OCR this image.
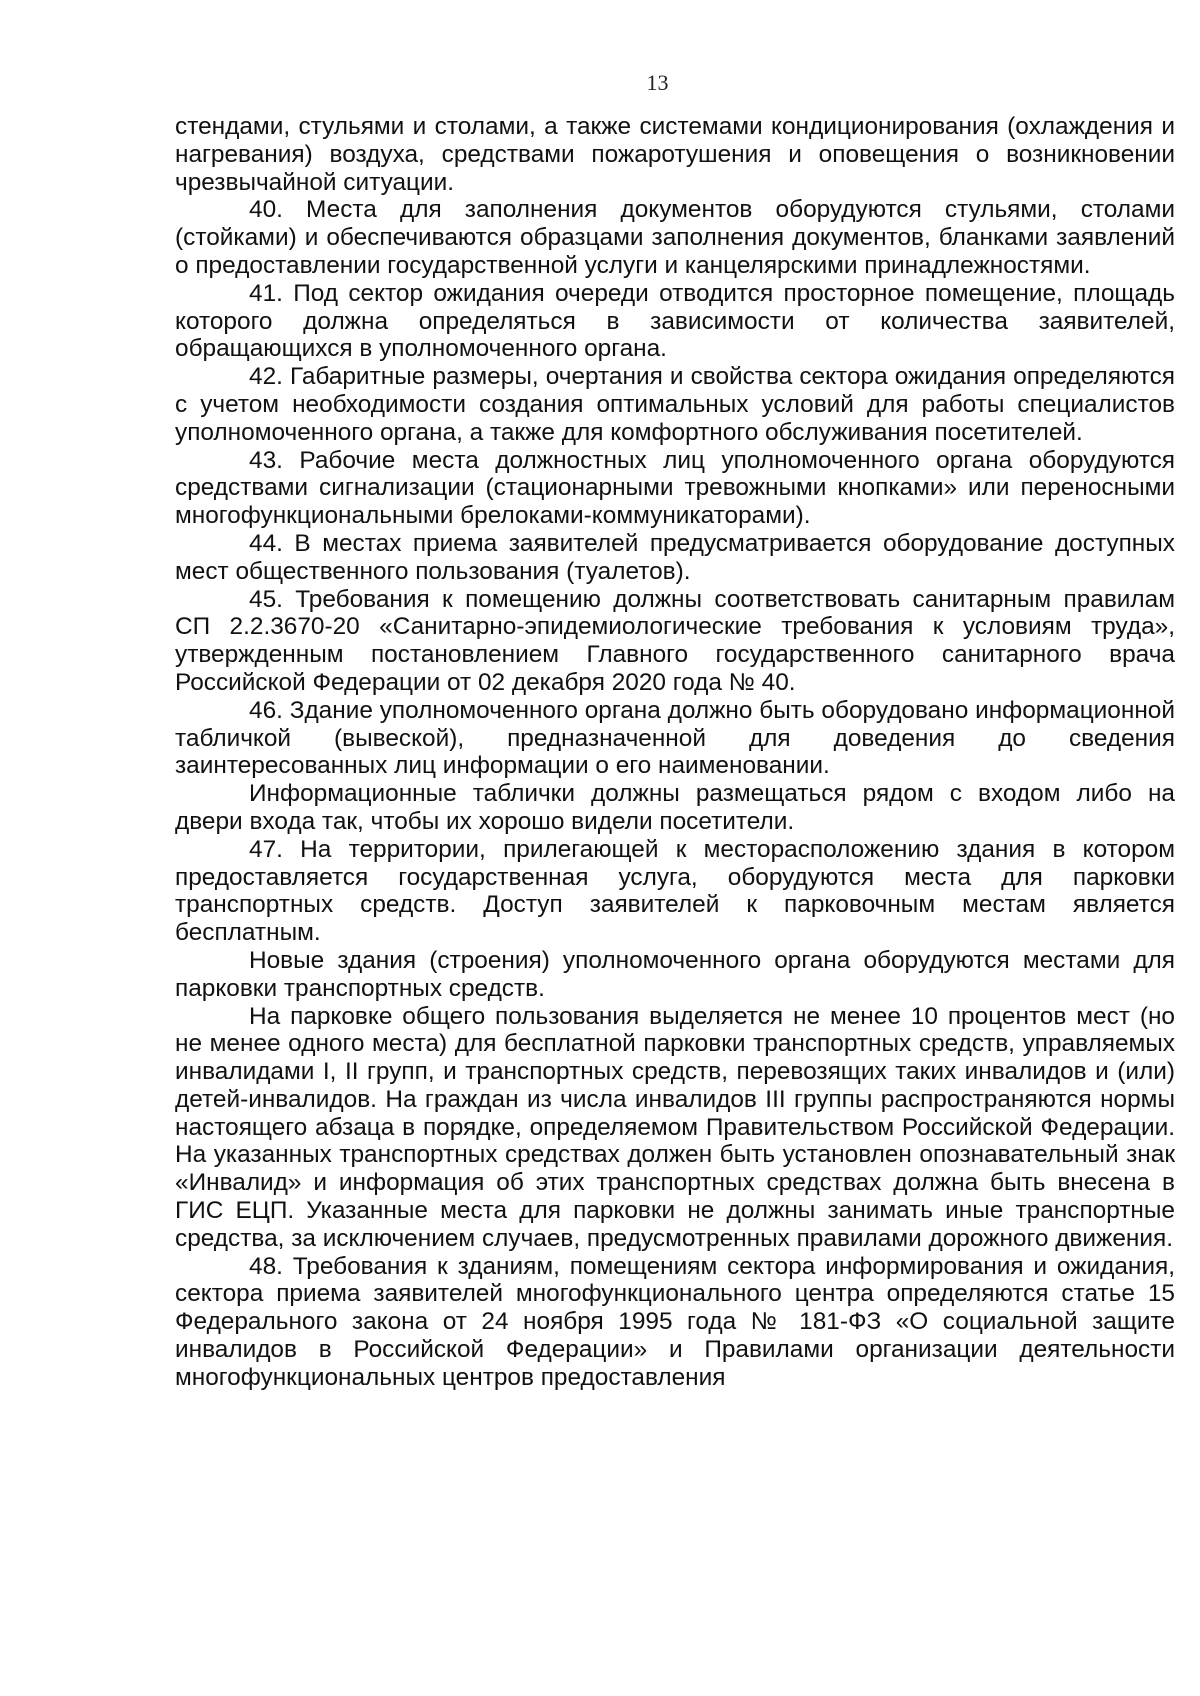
13

стендами, стульями и столами, а также системами кондиционирования (охлаждения и нагревания) воздуха, средствами пожаротушения и оповещения о возникновении чрезвычайной ситуации.

40. Места для заполнения документов оборудуются стульями, столами (стойками) и обеспечиваются образцами заполнения документов, бланками заявлений о предоставлении государственной услуги и канцелярскими принадлежностями.

41. Под сектор ожидания очереди отводится просторное помещение, площадь которого должна определяться в зависимости от количества заявителей, обращающихся в уполномоченного органа.

42. Габаритные размеры, очертания и свойства сектора ожидания определяются с учетом необходимости создания оптимальных условий для работы специалистов уполномоченного органа, а также для комфортного обслуживания посетителей.

43. Рабочие места должностных лиц уполномоченного органа оборудуются средствами сигнализации (стационарными тревожными кнопками» или переносными многофункциональными брелоками-коммуникаторами).

44. В местах приема заявителей предусматривается оборудование доступных мест общественного пользования (туалетов).

45. Требования к помещению должны соответствовать санитарным правилам СП 2.2.3670-20 «Санитарно-эпидемиологические требования к условиям труда», утвержденным постановлением Главного государственного санитарного врача Российской Федерации от 02 декабря 2020 года № 40.

46. Здание уполномоченного органа должно быть оборудовано информационной табличкой (вывеской), предназначенной для доведения до сведения заинтересованных лиц информации о его наименовании.

Информационные таблички должны размещаться рядом с входом либо на двери входа так, чтобы их хорошо видели посетители.

47. На территории, прилегающей к месторасположению здания в котором предоставляется государственная услуга, оборудуются места для парковки транспортных средств. Доступ заявителей к парковочным местам является бесплатным.

Новые здания (строения) уполномоченного органа оборудуются местами для парковки транспортных средств.

На парковке общего пользования выделяется не менее 10 процентов мест (но не менее одного места) для бесплатной парковки транспортных средств, управляемых инвалидами I, II групп, и транспортных средств, перевозящих таких инвалидов и (или) детей-инвалидов. На граждан из числа инвалидов III группы распространяются нормы настоящего абзаца в порядке, определяемом Правительством Российской Федерации. На указанных транспортных средствах должен быть установлен опознавательный знак «Инвалид» и информация об этих транспортных средствах должна быть внесена в ГИС ЕЦП. Указанные места для парковки не должны занимать иные транспортные средства, за исключением случаев, предусмотренных правилами дорожного движения.

48. Требования к зданиям, помещениям сектора информирования и ожидания, сектора приема заявителей многофункционального центра определяются статье 15 Федерального закона от 24 ноября 1995 года № 181-ФЗ «О социальной защите инвалидов в Российской Федерации» и Правилами организации деятельности многофункциональных центров предоставления
